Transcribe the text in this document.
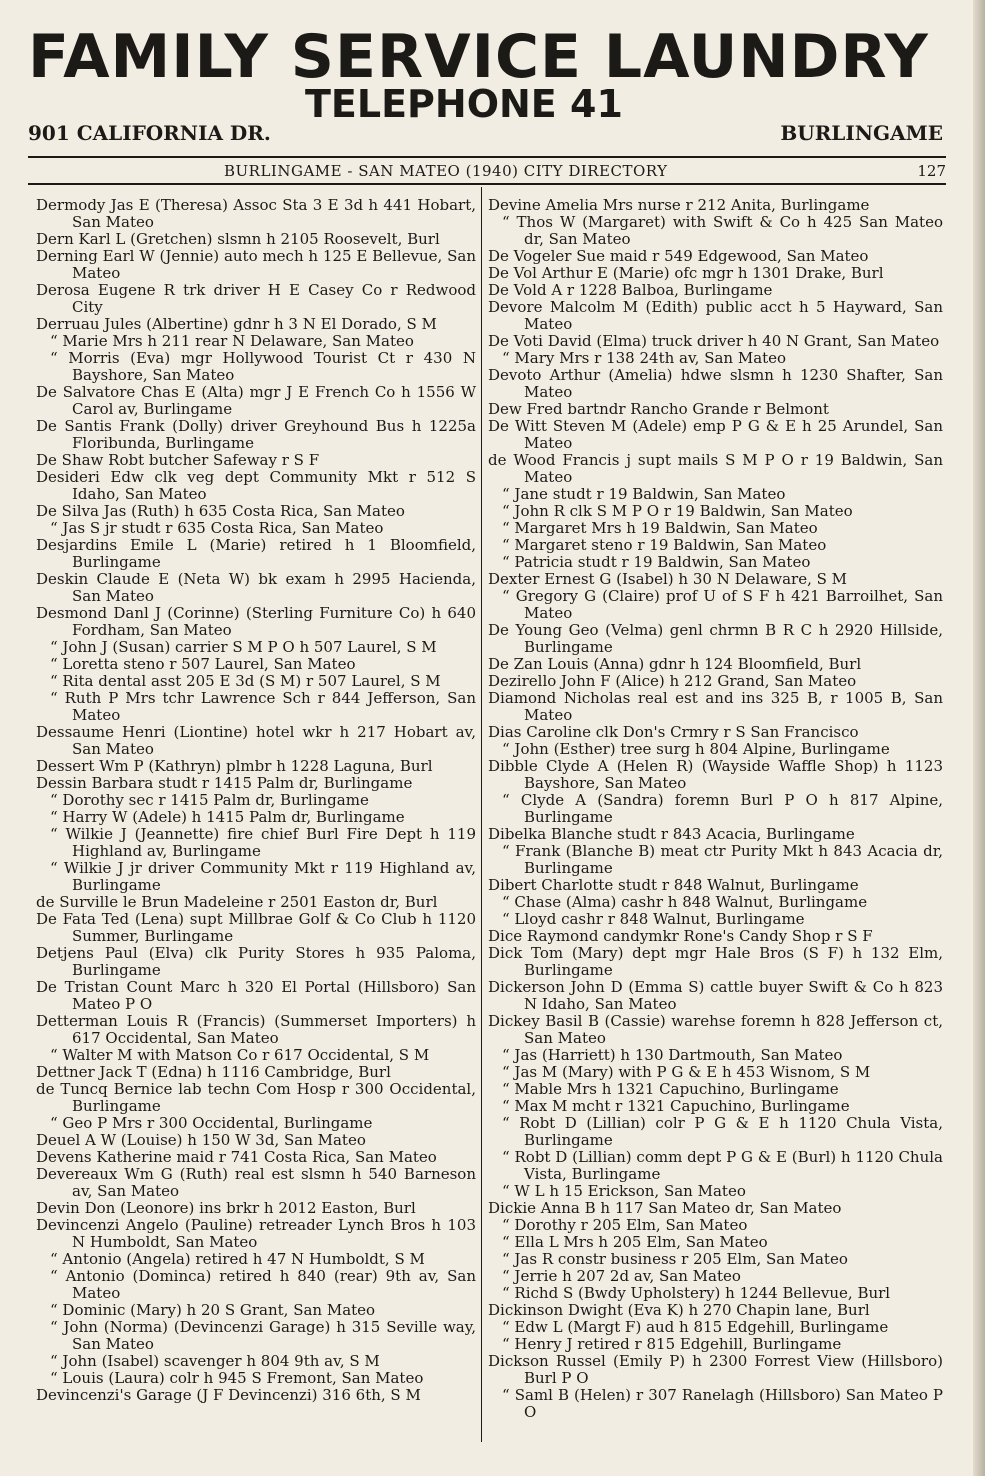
FAMILY SERVICE LAUNDRY
TELEPHONE 41
901 CALIFORNIA DR.	BURLINGAME
BURLINGAME - SAN MATEO (1940) CITY DIRECTORY	127

Dermody Jas E (Theresa) Assoc Sta 3 E 3d h 441 Hobart, San Mateo

Dern Karl L (Gretchen) slsmn h 2105 Roosevelt, Burl

Derning Earl W (Jennie) auto mech h 125 E Bellevue, San Mateo

Derosa Eugene R trk driver H E Casey Co r Redwood City

Derruau Jules (Albertine) gdnr h 3 N El Dorado, S M

“ Marie Mrs h 211 rear N Delaware, San Mateo

“ Morris (Eva) mgr Hollywood Tourist Ct r 430 N Bayshore, San Mateo

De Salvatore Chas E (Alta) mgr J E French Co h 1556 W Carol av, Burlingame

De Santis Frank (Dolly) driver Greyhound Bus h 1225a Floribunda, Burlingame

De Shaw Robt butcher Safeway r S F

Desideri Edw clk veg dept Community Mkt r 512 S Idaho, San Mateo

De Silva Jas (Ruth) h 635 Costa Rica, San Mateo

“ Jas S jr studt r 635 Costa Rica, San Mateo

Desjardins Emile L (Marie) retired h 1 Bloomfield, Burlingame

Deskin Claude E (Neta W) bk exam h 2995 Hacienda, San Mateo

Desmond Danl J (Corinne) (Sterling Furniture Co) h 640 Fordham, San Mateo

“ John J (Susan) carrier S M P O h 507 Laurel, S M

“ Loretta steno r 507 Laurel, San Mateo

“ Rita dental asst 205 E 3d (S M) r 507 Laurel, S M

“ Ruth P Mrs tchr Lawrence Sch r 844 Jefferson, San Mateo

Dessaume Henri (Liontine) hotel wkr h 217 Hobart av, San Mateo

Dessert Wm P (Kathryn) plmbr h 1228 Laguna, Burl

Dessin Barbara studt r 1415 Palm dr, Burlingame

“ Dorothy sec r 1415 Palm dr, Burlingame

“ Harry W (Adele) h 1415 Palm dr, Burlingame

“ Wilkie J (Jeannette) fire chief Burl Fire Dept h 119 Highland av, Burlingame

“ Wilkie J jr driver Community Mkt r 119 Highland av, Burlingame

de Surville le Brun Madeleine r 2501 Easton dr, Burl

De Fata Ted (Lena) supt Millbrae Golf & Co Club h 1120 Summer, Burlingame

Detjens Paul (Elva) clk Purity Stores h 935 Paloma, Burlingame

De Tristan Count Marc h 320 El Portal (Hillsboro) San Mateo P O

Detterman Louis R (Francis) (Summerset Importers) h 617 Occidental, San Mateo

“ Walter M with Matson Co r 617 Occidental, S M

Dettner Jack T (Edna) h 1116 Cambridge, Burl

de Tuncq Bernice lab techn Com Hosp r 300 Occidental, Burlingame

“ Geo P Mrs r 300 Occidental, Burlingame

Deuel A W (Louise) h 150 W 3d, San Mateo

Devens Katherine maid r 741 Costa Rica, San Mateo

Devereaux Wm G (Ruth) real est slsmn h 540 Barneson av, San Mateo

Devin Don (Leonore) ins brkr h 2012 Easton, Burl

Devincenzi Angelo (Pauline) retreader Lynch Bros h 103 N Humboldt, San Mateo

“ Antonio (Angela) retired h 47 N Humboldt, S M

“ Antonio (Dominca) retired h 840 (rear) 9th av, San Mateo

“ Dominic (Mary) h 20 S Grant, San Mateo

“ John (Norma) (Devincenzi Garage) h 315 Seville way, San Mateo

“ John (Isabel) scavenger h 804 9th av, S M

“ Louis (Laura) colr h 945 S Fremont, San Mateo

Devincenzi's Garage (J F Devincenzi) 316 6th, S M

Devine Amelia Mrs nurse r 212 Anita, Burlingame

“ Thos W (Margaret) with Swift & Co h 425 San Mateo dr, San Mateo

De Vogeler Sue maid r 549 Edgewood, San Mateo

De Vol Arthur E (Marie) ofc mgr h 1301 Drake, Burl

De Vold A r 1228 Balboa, Burlingame

Devore Malcolm M (Edith) public acct h 5 Hayward, San Mateo

De Voti David (Elma) truck driver h 40 N Grant, San Mateo

“ Mary Mrs r 138 24th av, San Mateo

Devoto Arthur (Amelia) hdwe slsmn h 1230 Shafter, San Mateo

Dew Fred bartndr Rancho Grande r Belmont

De Witt Steven M (Adele) emp P G & E h 25 Arundel, San Mateo

de Wood Francis j supt mails S M P O r 19 Baldwin, San Mateo

“ Jane studt r 19 Baldwin, San Mateo

“ John R clk S M P O r 19 Baldwin, San Mateo

“ Margaret Mrs h 19 Baldwin, San Mateo

“ Margaret steno r 19 Baldwin, San Mateo

“ Patricia studt r 19 Baldwin, San Mateo

Dexter Ernest G (Isabel) h 30 N Delaware, S M

“ Gregory G (Claire) prof U of S F h 421 Barroilhet, San Mateo

De Young Geo (Velma) genl chrmn B R C h 2920 Hillside, Burlingame

De Zan Louis (Anna) gdnr h 124 Bloomfield, Burl

Dezirello John F (Alice) h 212 Grand, San Mateo

Diamond Nicholas real est and ins 325 B, r 1005 B, San Mateo

Dias Caroline clk Don's Crmry r S San Francisco

“ John (Esther) tree surg h 804 Alpine, Burlingame

Dibble Clyde A (Helen R) (Wayside Waffle Shop) h 1123 Bayshore, San Mateo

“ Clyde A (Sandra) foremn Burl P O h 817 Alpine, Burlingame

Dibelka Blanche studt r 843 Acacia, Burlingame

“ Frank (Blanche B) meat ctr Purity Mkt h 843 Acacia dr, Burlingame

Dibert Charlotte studt r 848 Walnut, Burlingame

“ Chase (Alma) cashr h 848 Walnut, Burlingame

“ Lloyd cashr r 848 Walnut, Burlingame

Dice Raymond candymkr Rone's Candy Shop r S F

Dick Tom (Mary) dept mgr Hale Bros (S F) h 132 Elm, Burlingame

Dickerson John D (Emma S) cattle buyer Swift & Co h 823 N Idaho, San Mateo

Dickey Basil B (Cassie) warehse foremn h 828 Jefferson ct, San Mateo

“ Jas (Harriett) h 130 Dartmouth, San Mateo

“ Jas M (Mary) with P G & E h 453 Wisnom, S M

“ Mable Mrs h 1321 Capuchino, Burlingame

“ Max M mcht r 1321 Capuchino, Burlingame

“ Robt D (Lillian) colr P G & E h 1120 Chula Vista, Burlingame

“ Robt D (Lillian) comm dept P G & E (Burl) h 1120 Chula Vista, Burlingame

“ W L h 15 Erickson, San Mateo

Dickie Anna B h 117 San Mateo dr, San Mateo

“ Dorothy r 205 Elm, San Mateo

“ Ella L Mrs h 205 Elm, San Mateo

“ Jas R constr business r 205 Elm, San Mateo

“ Jerrie h 207 2d av, San Mateo

“ Richd S (Bwdy Upholstery) h 1244 Bellevue, Burl

Dickinson Dwight (Eva K) h 270 Chapin lane, Burl

“ Edw L (Margt F) aud h 815 Edgehill, Burlingame

“ Henry J retired r 815 Edgehill, Burlingame

Dickson Russel (Emily P) h 2300 Forrest View (Hillsboro) Burl P O

“ Saml B (Helen) r 307 Ranelagh (Hillsboro) San Mateo P O
